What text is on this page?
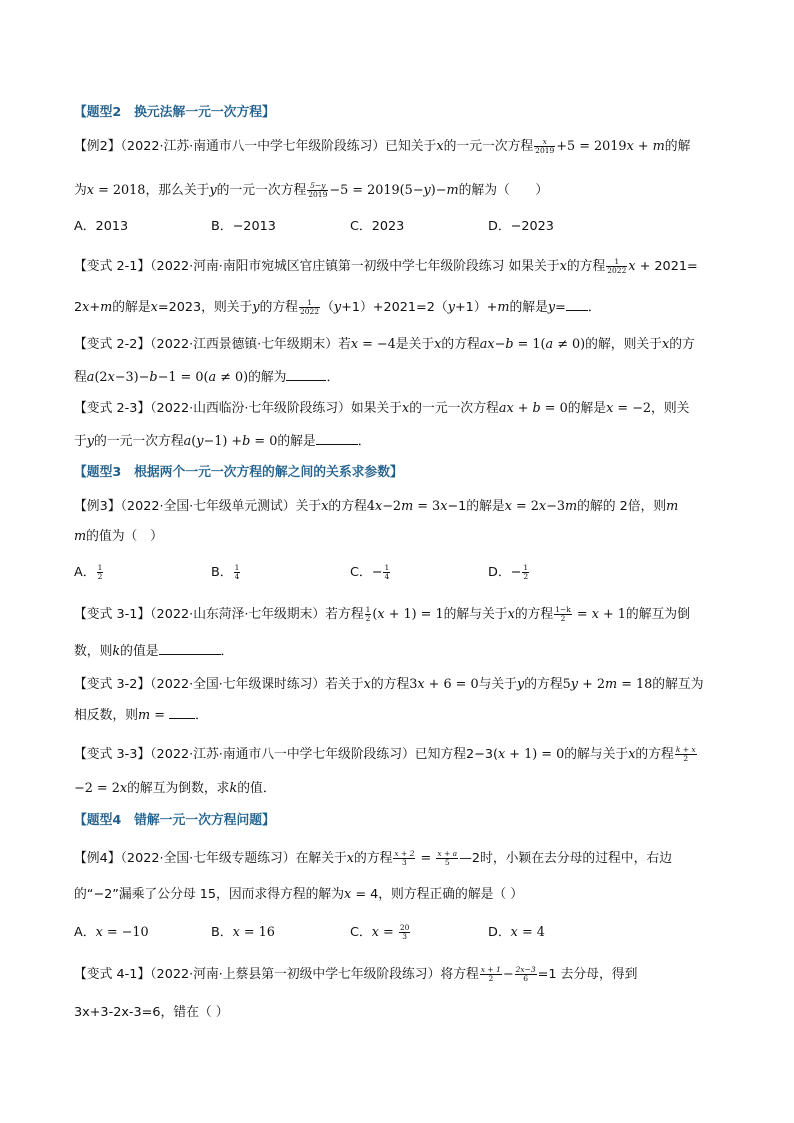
【题型2　换元法解一元一次方程】
【例2】（2022·江苏·南通市八一中学七年级阶段练习）已知关于x的一元一次方程 $\frac{x}{2019} +5 = 2019x + m$的解
为x = 2018，那么关于y的一元一次方程 $\frac{5-y}{2019} -5 = 2019(5-y)-m$的解为（　　）
A．2013	B．−2013	C．2023	D．−2023
【变式 2-1】（2022·河南·南阳市宛城区官庄镇第一初级中学七年级阶段练习 如果关于x的方程 $\frac{1}{2022}$ x + 2021=
2x+m的解是x=2023，则关于y的方程 $\frac{1}{2022} (y+1)+2021=2(y+1)+m$的解是y= ．
【变式 2-2】（2022·江西景德镇·七年级期末）若x = −4是关于x的方程ax−b = 1(a ≠ 0)的解，则关于x的方
程a(2x−3)−b−1 = 0(a ≠ 0)的解为	．
【变式 2-3】（2022·山西临汾·七年级阶段练习）如果关于x的一元一次方程ax + b = 0的解是x = −2，则关
于y的一元一次方程a(y−1) +b = 0的解是	．
【题型3　根据两个一元一次方程的解之间的关系求参数】
【例3】（2022·全国·七年级单元测试）关于x的方程4x−2m = 3x−1的解是x = 2x−3m的解的 2倍，则m
m的值为（　）
A． $\frac{1}{2}$	B． $\frac{1}{4}$	C．− $\frac{1}{4}$	D．− $\frac{1}{2}$
【变式 3-1】（2022·山东菏泽·七年级期末）若方程 $\frac{1}{2} (x + 1) = 1$的解与关于x的方程 $\frac{1-k}{2} = x + 1$的解互为倒
数，则k的值是	．
【变式 3-2】（2022·全国·七年级课时练习）若关于x的方程3x + 6 = 0与关于y的方程5y + 2m = 18的解互为
相反数，则m = ．
【变式 3-3】（2022·江苏·南通市八一中学七年级阶段练习）已知方程2−3(x + 1) = 0的解与关于x的方程 $\frac{k + x}{2}$
−2 = 2x的解互为倒数，求k的值．
【题型4　错解一元一次方程问题】
【例4】（2022·全国·七年级专题练习）在解关于x的方程 $\frac{x + 2}{3} = \frac{x + a}{5}$ —2时，小颖在去分母的过程中，右边
的“−2”漏乘了公分母 15，因而求得方程的解为x = 4，则方程正确的解是（ ）
A．x = −10	B．x = 16	C．$x = \frac{20}{3}$	D．x = 4
【变式 4-1】（2022·河南·上蔡县第一初级中学七年级阶段练习）将方程 $\frac{x + 1}{2} - \frac{2x-3}{6} =1$ 去分母，得到
3x+3-2x-3=6，错在（ ）
